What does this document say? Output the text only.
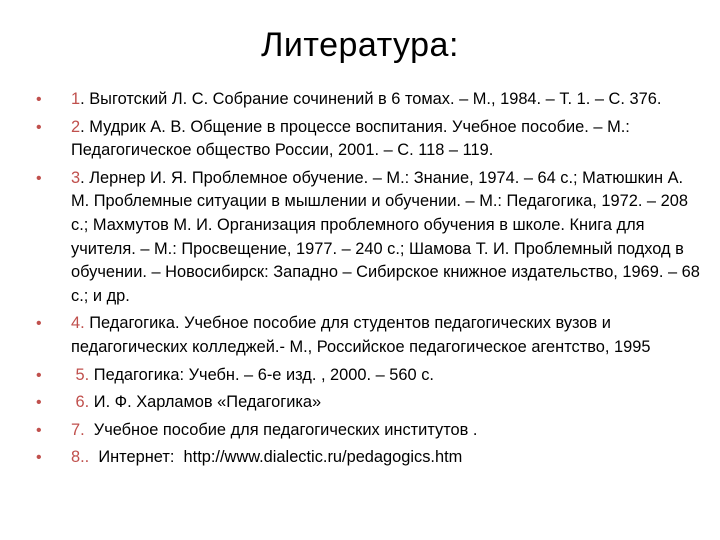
Литература:
• 1. Выготский Л. С. Собрание сочинений в 6 томах. – М., 1984. – Т. 1. – С. 376.
• 2. Мудрик А. В. Общение в процессе воспитания. Учебное пособие. – М.: Педагогическое общество России, 2001. – С. 118 – 119.
• 3. Лернер И. Я. Проблемное обучение. – М.: Знание, 1974. – 64 с.; Матюшкин А. М. Проблемные ситуации в мышлении и обучении. – М.: Педагогика, 1972. – 208 с.; Махмутов М. И. Организация проблемного обучения в школе. Книга для учителя. – М.: Просвещение, 1977. – 240 с.; Шамова Т. И. Проблемный подход в обучении. – Новосибирск: Западно – Сибирское книжное издательство, 1969. – 68 с.; и др.
• 4. Педагогика. Учебное пособие для студентов педагогических вузов и педагогических колледжей.- М., Российское педагогическое агентство, 1995
• 5. Педагогика: Учебн. – 6-е изд. , 2000. – 560 с.
• 6. И. Ф. Харламов «Педагогика»
• 7.  Учебное пособие для педагогических институтов .
• 8..  Интернет:  http://www.dialectic.ru/pedagogics.htm
